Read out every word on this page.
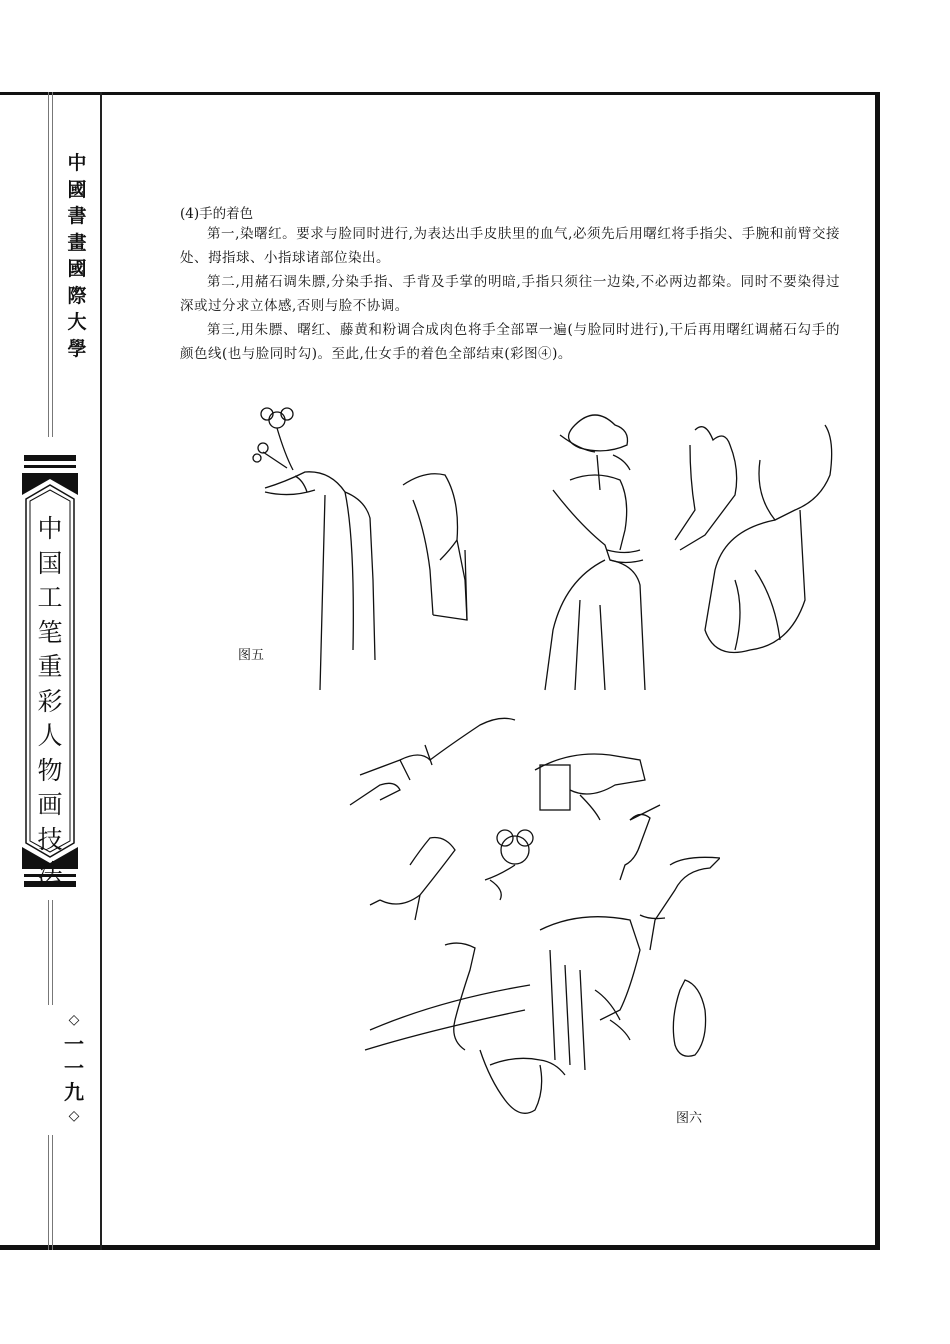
中
國
書
畫
國
際
大
學
中
国
工
笔
重
彩
人
物
画
技
法
◇
一
一
九
◇
(4)手的着色
第一,染曙红。要求与脸同时进行,为表达出手皮肤里的血气,必须先后用曙红将手指尖、手腕和前臂交接处、拇指球、小指球诸部位染出。
第二,用赭石调朱膘,分染手指、手背及手掌的明暗,手指只须往一边染,不必两边都染。同时不要染得过深或过分求立体感,否则与脸不协调。
第三,用朱膘、曙红、藤黄和粉调合成肉色将手全部罩一遍(与脸同时进行),干后再用曙红调赭石勾手的颜色线(也与脸同时勾)。至此,仕女手的着色全部结束(彩图④)。
图五
图六
